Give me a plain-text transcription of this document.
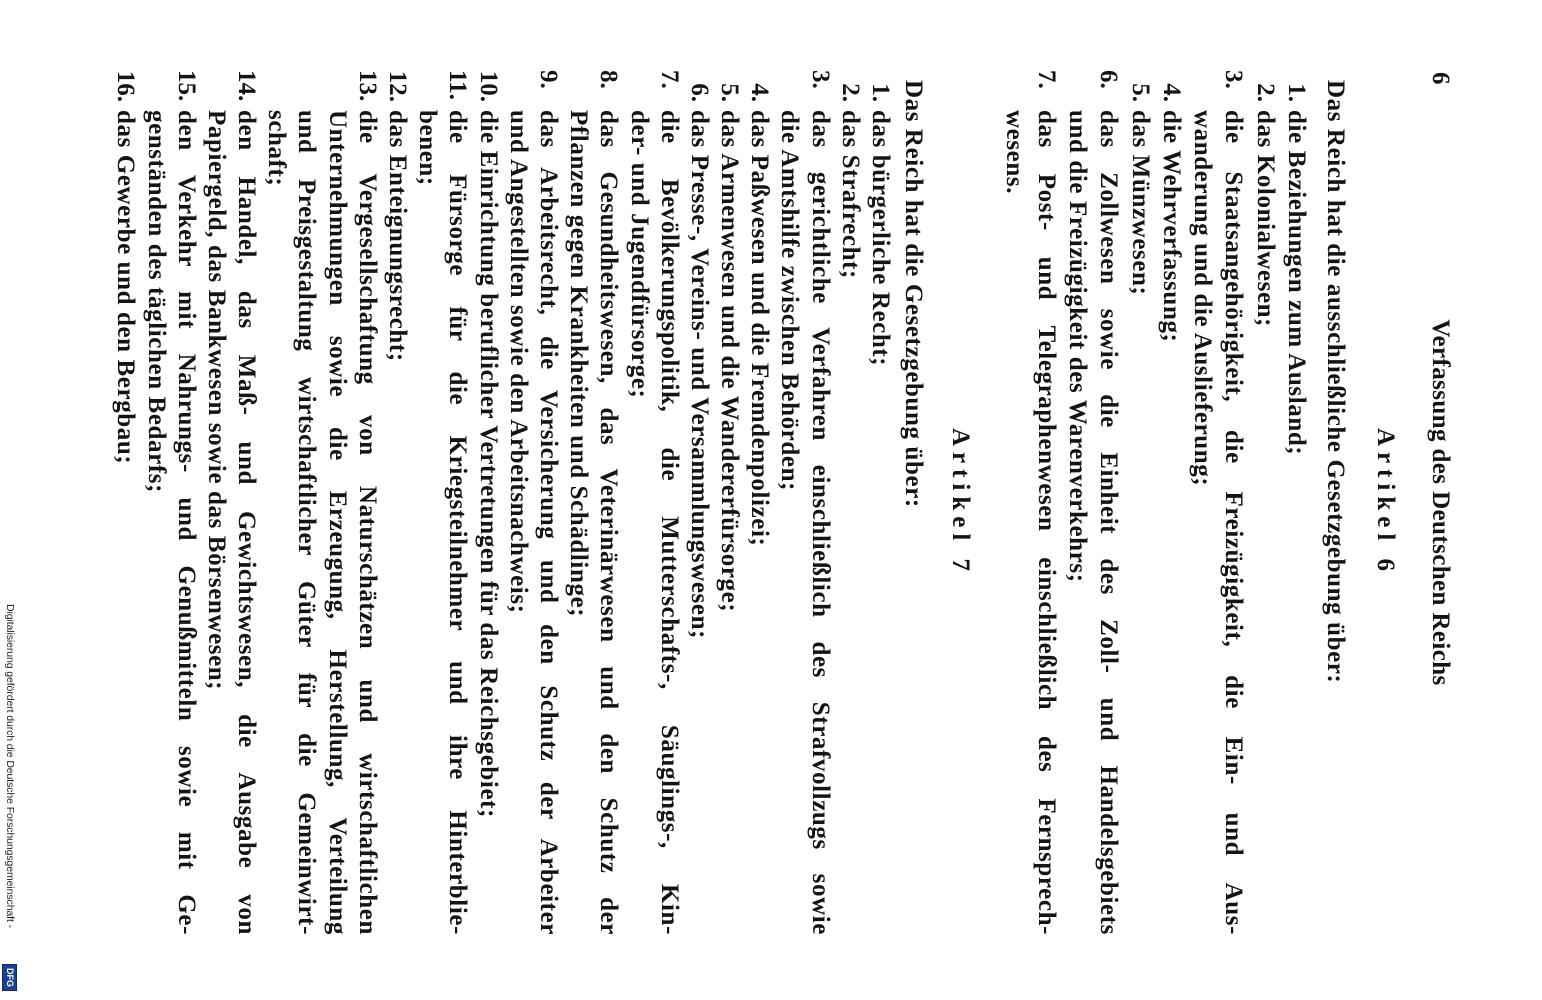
6
Verfassung des Deutschen Reichs
Artikel 6
Das Reich hat die ausschließliche Gesetzgebung über:
1.die Beziehungen zum Ausland;
2.das Kolonialwesen;
3.die Staatsangehörigkeit, die Freizügigkeit, die Ein- und Aus-
wanderung und die Auslieferung;
4.die Wehrverfassung;
5.das Münzwesen;
6.das Zollwesen sowie die Einheit des Zoll- und Handelsgebiets
und die Freizügigkeit des Warenverkehrs;
7.das Post- und Telegraphenwesen einschließlich des Fernsprech-
wesens.
Artikel 7
Das Reich hat die Gesetzgebung über:
1.das bürgerliche Recht;
2.das Strafrecht;
3.das gerichtliche Verfahren einschließlich des Strafvollzugs sowie
die Amtshilfe zwischen Behörden;
4.das Paßwesen und die Fremdenpolizei;
5.das Armenwesen und die Wandererfürsorge;
6.das Presse-, Vereins- und Versammlungswesen;
7.die Bevölkerungspolitik, die Mutterschafts-, Säuglings-, Kin-
der- und Jugendfürsorge;
8.das Gesundheitswesen, das Veterinärwesen und den Schutz der
Pflanzen gegen Krankheiten und Schädlinge;
9.das Arbeitsrecht, die Versicherung und den Schutz der Arbeiter
und Angestellten sowie den Arbeitsnachweis;
10.die Einrichtung beruflicher Vertretungen für das Reichsgebiet;
11.die Fürsorge für die Kriegsteilnehmer und ihre Hinterblie-
benen;
12.das Enteignungsrecht;
13.die Vergesellschaftung von Naturschätzen und wirtschaftlichen
Unternehmungen sowie die Erzeugung, Herstellung, Verteilung
und Preisgestaltung wirtschaftlicher Güter für die Gemeinwirt-
schaft;
14.den Handel, das Maß- und Gewichtswesen, die Ausgabe von
Papiergeld, das Bankwesen sowie das Börsenwesen;
15.den Verkehr mit Nahrungs- und Genußmitteln sowie mit Ge-
genständen des täglichen Bedarfs;
16.das Gewerbe und den Bergbau;
Digitalisierung gefördert durch die Deutsche Forschungsgemeinschaft -
DFG
